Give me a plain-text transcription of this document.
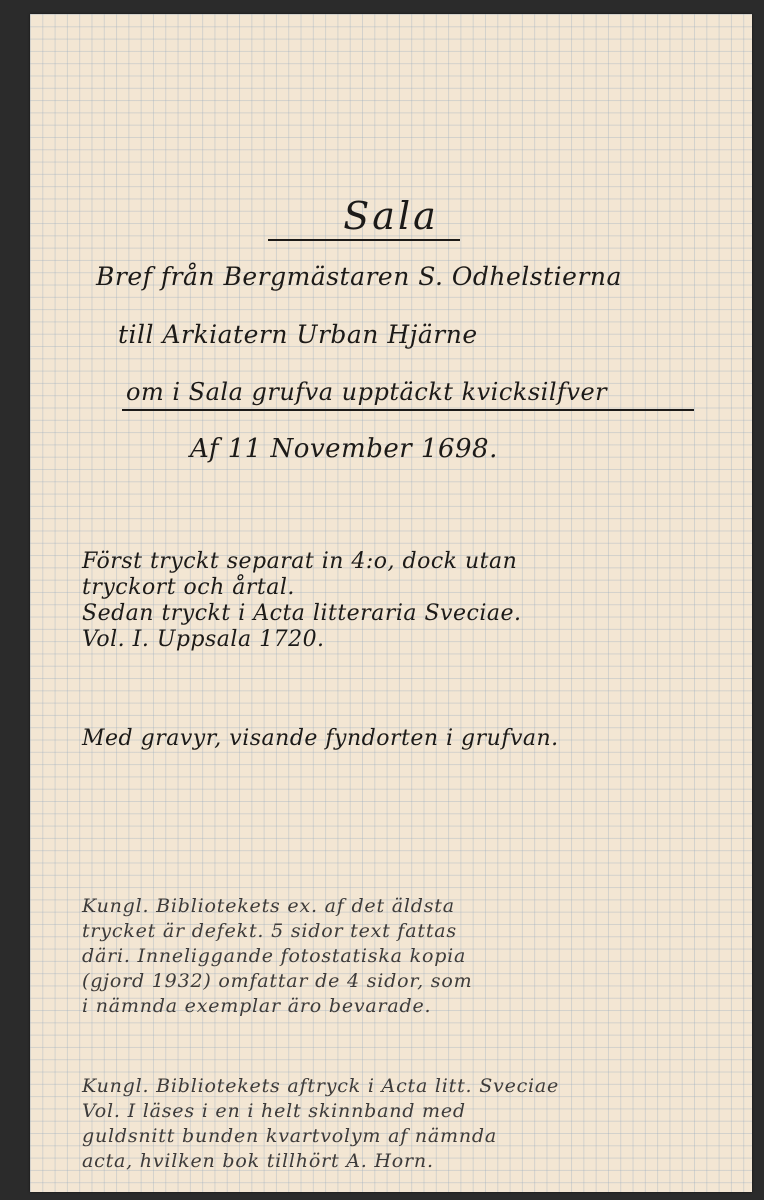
Sala
Bref från Bergmästaren S. Odhelstierna
till Arkiatern Urban Hjärne
om i Sala grufva upptäckt kvicksilfver
Af 11 November 1698.
Först tryckt separat in 4:o, dock utan
tryckort och årtal.
Sedan tryckt i Acta litteraria Sveciae.
Vol. I. Uppsala 1720.
Med gravyr, visande fyndorten i grufvan.
Kungl. Bibliotekets ex. af det äldsta
trycket är defekt. 5 sidor text fattas
däri. Inneliggande fotostatiska kopia
(gjord 1932) omfattar de 4 sidor, som
i nämnda exemplar äro bevarade.
Kungl. Bibliotekets aftryck i Acta litt. Sveciae
Vol. I läses i en i helt skinnband med
guldsnitt bunden kvartvolym af nämnda
acta, hvilken bok tillhört A. Horn.
